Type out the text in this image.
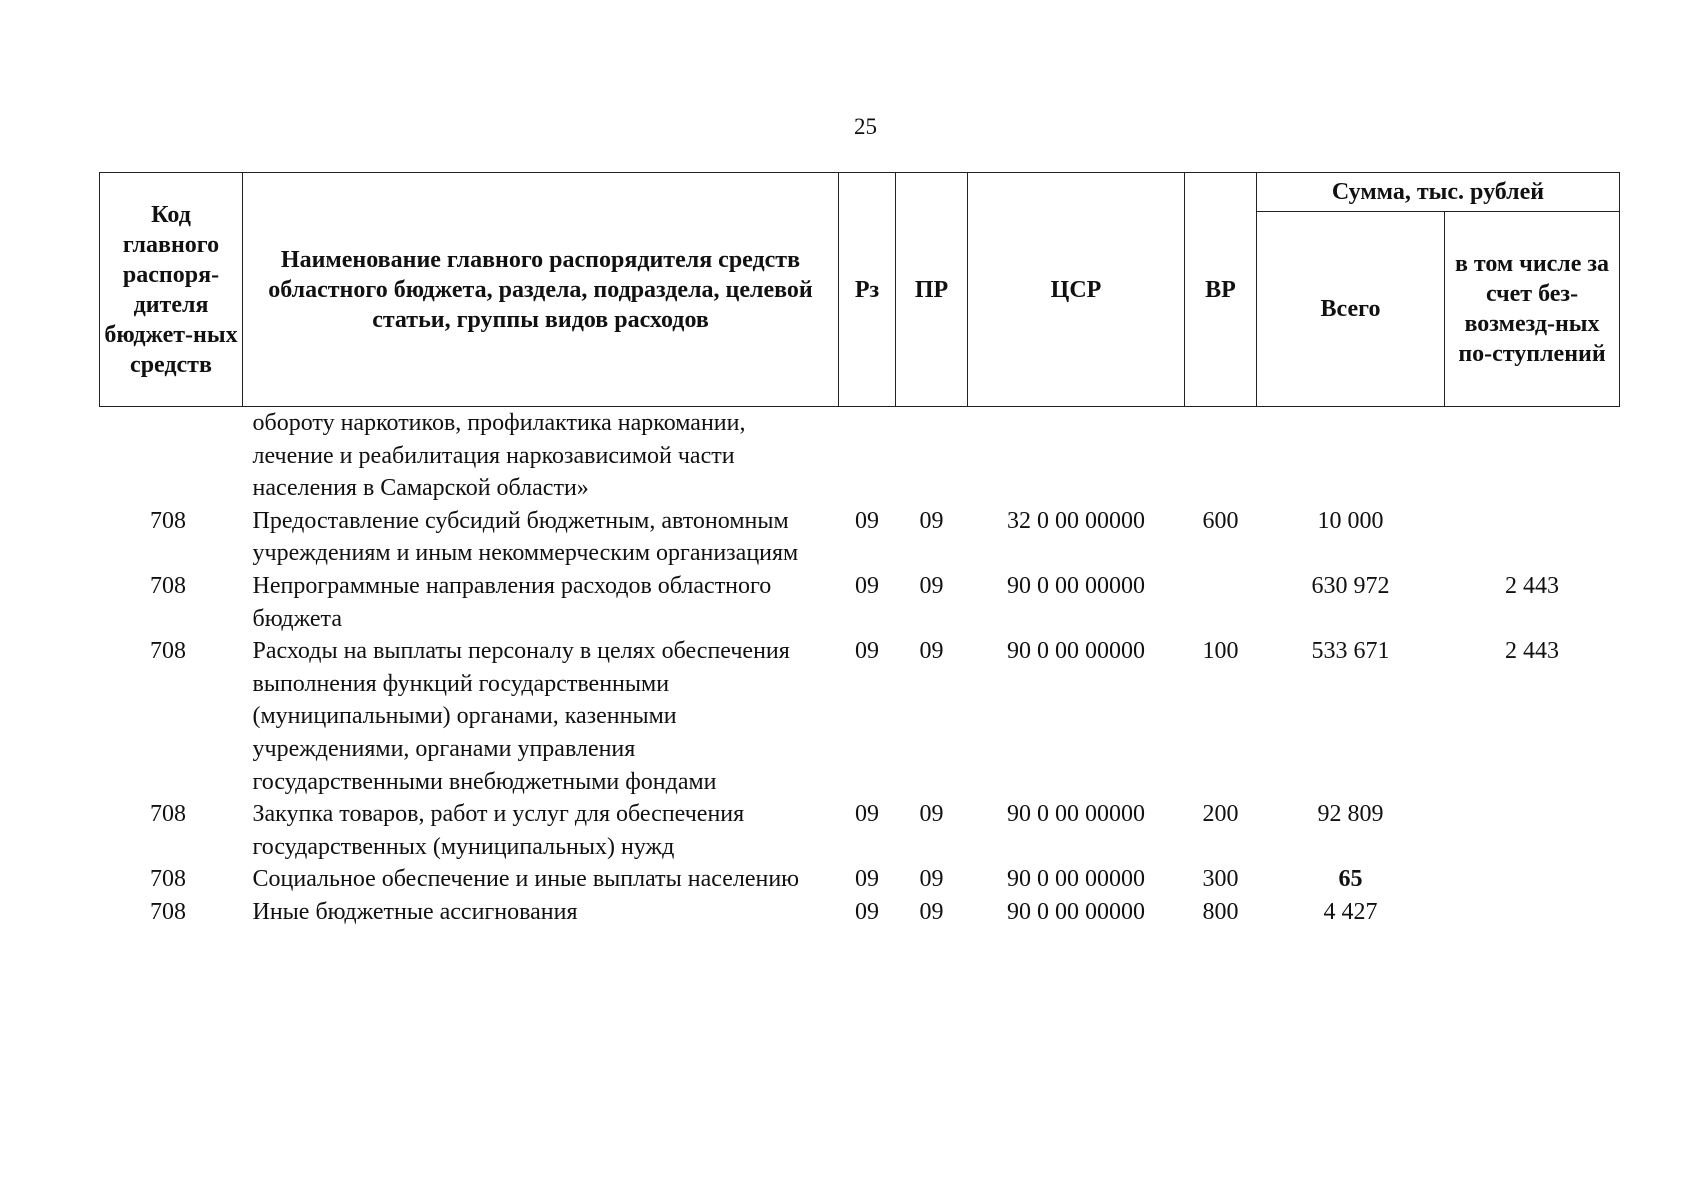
25
Код главного распоря-дителя бюджет-ных средств	Наименование главного распорядителя средств областного бюджета, раздела, подраздела, целевой статьи, группы видов расходов	Рз	ПР	ЦСР	ВР	Сумма, тыс. рублей	
						Всего	в том числе за счет без-возмезд-ных по-ступлений
	обороту наркотиков, профилактика наркомании, лечение и реабилитация наркозависимой части населения в Самарской области»						
708	Предоставление субсидий бюджетным, автономным учреждениям и иным некоммерческим организациям	09	09	32 0 00 00000	600	10 000	
708	Непрограммные направления расходов областного бюджета	09	09	90 0 00 00000		630 972	2 443
708	Расходы на выплаты персоналу в целях обеспечения выполнения функций государственными (муниципальными) органами, казенными учреждениями, органами управления государственными внебюджетными фондами	09	09	90 0 00 00000	100	533 671	2 443
708	Закупка товаров, работ и услуг для обеспечения государственных (муниципальных) нужд	09	09	90 0 00 00000	200	92 809	
708	Социальное обеспечение и иные выплаты населению	09	09	90 0 00 00000	300	65	
708	Иные бюджетные ассигнования	09	09	90 0 00 00000	800	4 427	
